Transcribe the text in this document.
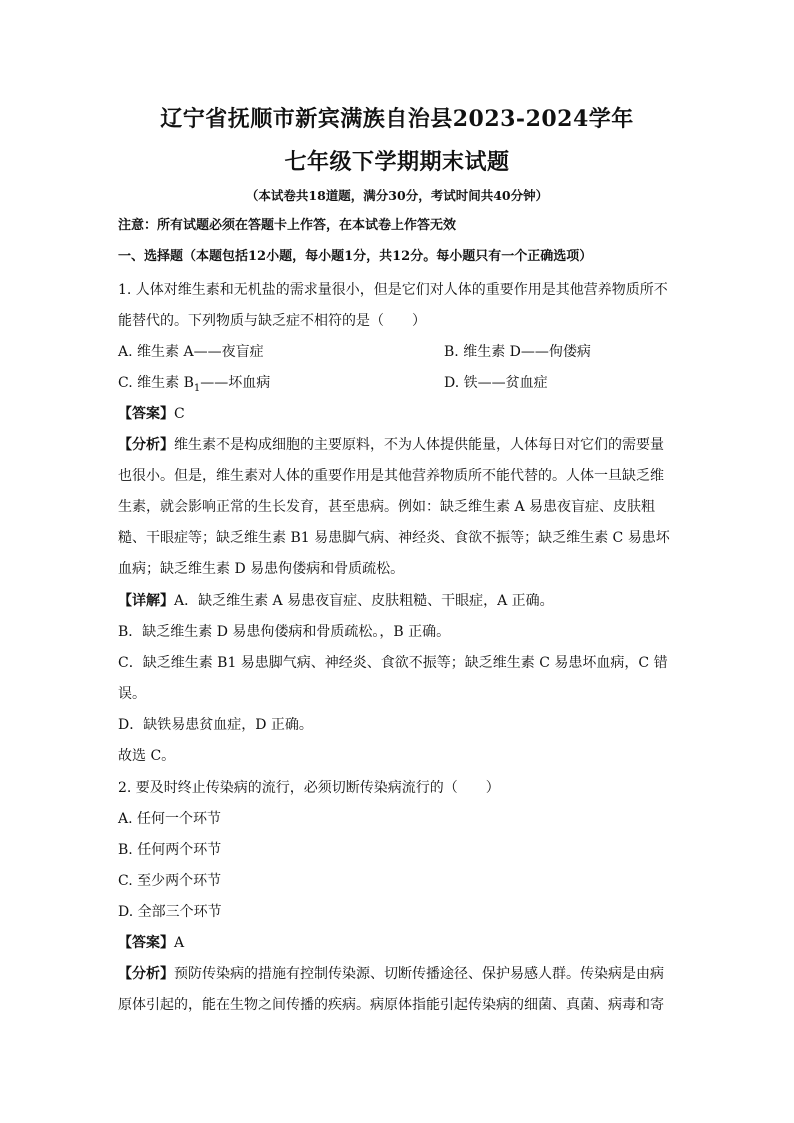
辽宁省抚顺市新宾满族自治县2023-2024学年
七年级下学期期末试题
（本试卷共18道题，满分30分，考试时间共40分钟）
注意：所有试题必须在答题卡上作答，在本试卷上作答无效
一、选择题（本题包括12小题，每小题1分，共12分。每小题只有一个正确选项）
1. 人体对维生素和无机盐的需求量很小，但是它们对人体的重要作用是其他营养物质所不
能替代的。下列物质与缺乏症不相符的是（　　）
A. 维生素 A——夜盲症	B. 维生素 D——佝偻病
C. 维生素 $B_1——$坏血病	D. 铁——贫血症
【答案】C
【分析】维生素不是构成细胞的主要原料，不为人体提供能量，人体每日对它们的需要量
也很小。但是，维生素对人体的重要作用是其他营养物质所不能代替的。人体一旦缺乏维
生素，就会影响正常的生长发育，甚至患病。例如：缺乏维生素 A 易患夜盲症、皮肤粗
糙、干眼症等；缺乏维生素 B1 易患脚气病、神经炎、食欲不振等；缺乏维生素 C 易患坏
血病；缺乏维生素 D 易患佝偻病和骨质疏松。
【详解】A．缺乏维生素 A 易患夜盲症、皮肤粗糙、干眼症，A 正确。
B．缺乏维生素 D 易患佝偻病和骨质疏松。，B 正确。
C．缺乏维生素 B1 易患脚气病、神经炎、食欲不振等；缺乏维生素 C 易患坏血病，C 错
误。
D．缺铁易患贫血症，D 正确。
故选 C。
2. 要及时终止传染病的流行，必须切断传染病流行的（　　）
A. 任何一个环节
B. 任何两个环节
C. 至少两个环节
D. 全部三个环节
【答案】A
【分析】预防传染病的措施有控制传染源、切断传播途径、保护易感人群。传染病是由病
原体引起的，能在生物之间传播的疾病。病原体指能引起传染病的细菌、真菌、病毒和寄
